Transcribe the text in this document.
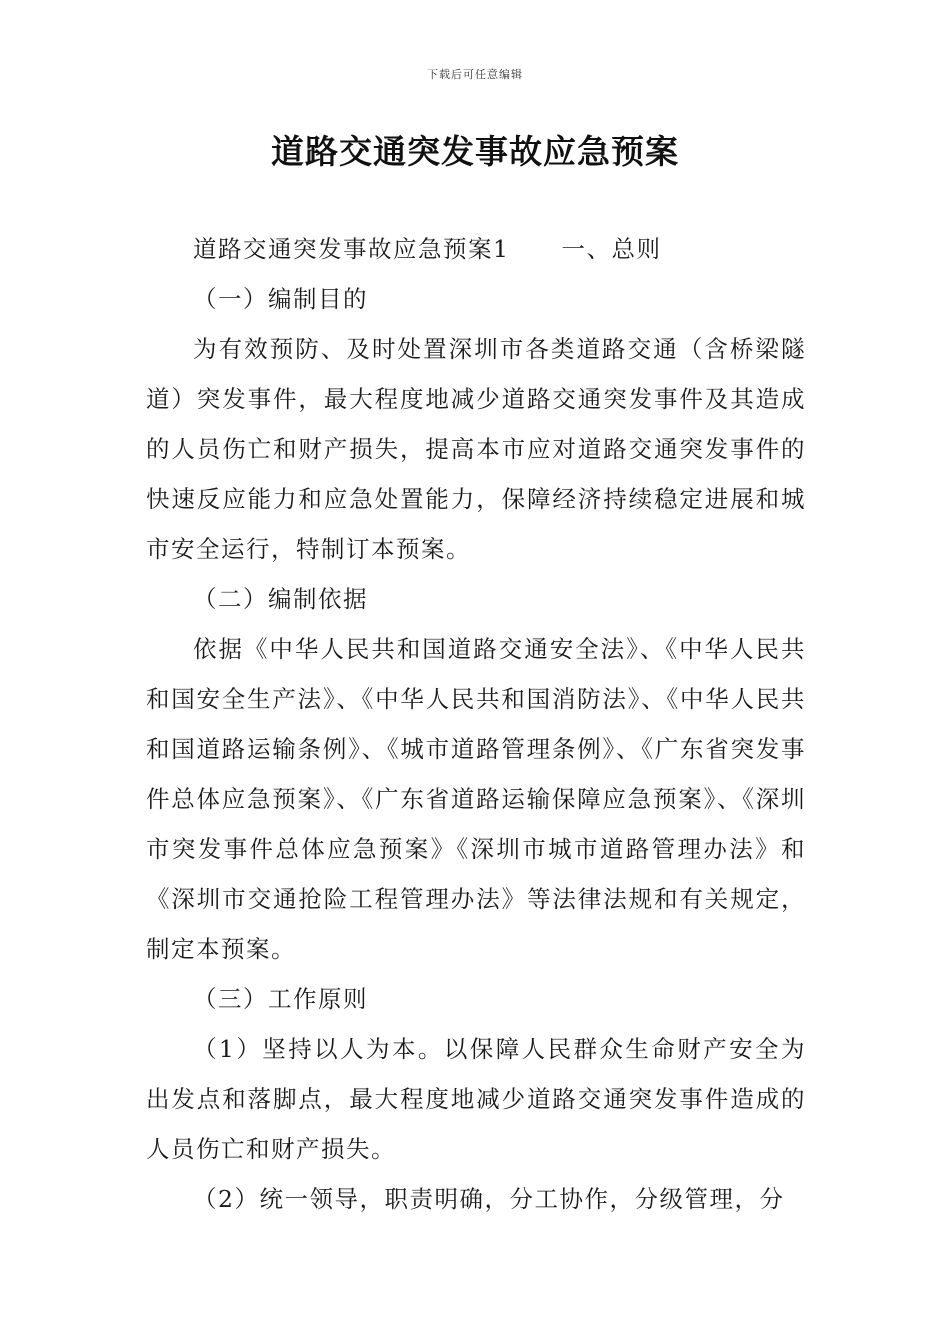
下载后可任意编辑
道路交通突发事故应急预案

道路交通突发事故应急预案1 一、总则

（一）编制目的

为有效预防、及时处置深圳市各类道路交通（含桥梁隧道）突发事件，最大程度地减少道路交通突发事件及其造成的人员伤亡和财产损失，提高本市应对道路交通突发事件的快速反应能力和应急处置能力，保障经济持续稳定进展和城市安全运行，特制订本预案。

（二）编制依据

依据《中华人民共和国道路交通安全法》、《中华人民共和国安全生产法》、《中华人民共和国消防法》、《中华人民共和国道路运输条例》、《城市道路管理条例》、《广东省突发事件总体应急预案》、《广东省道路运输保障应急预案》、《深圳市突发事件总体应急预案》《深圳市城市道路管理办法》和《深圳市交通抢险工程管理办法》等法律法规和有关规定，制定本预案。

（三）工作原则

（1）坚持以人为本。以保障人民群众生命财产安全为出发点和落脚点，最大程度地减少道路交通突发事件造成的人员伤亡和财产损失。

（2）统一领导，职责明确，分工协作，分级管理，分
